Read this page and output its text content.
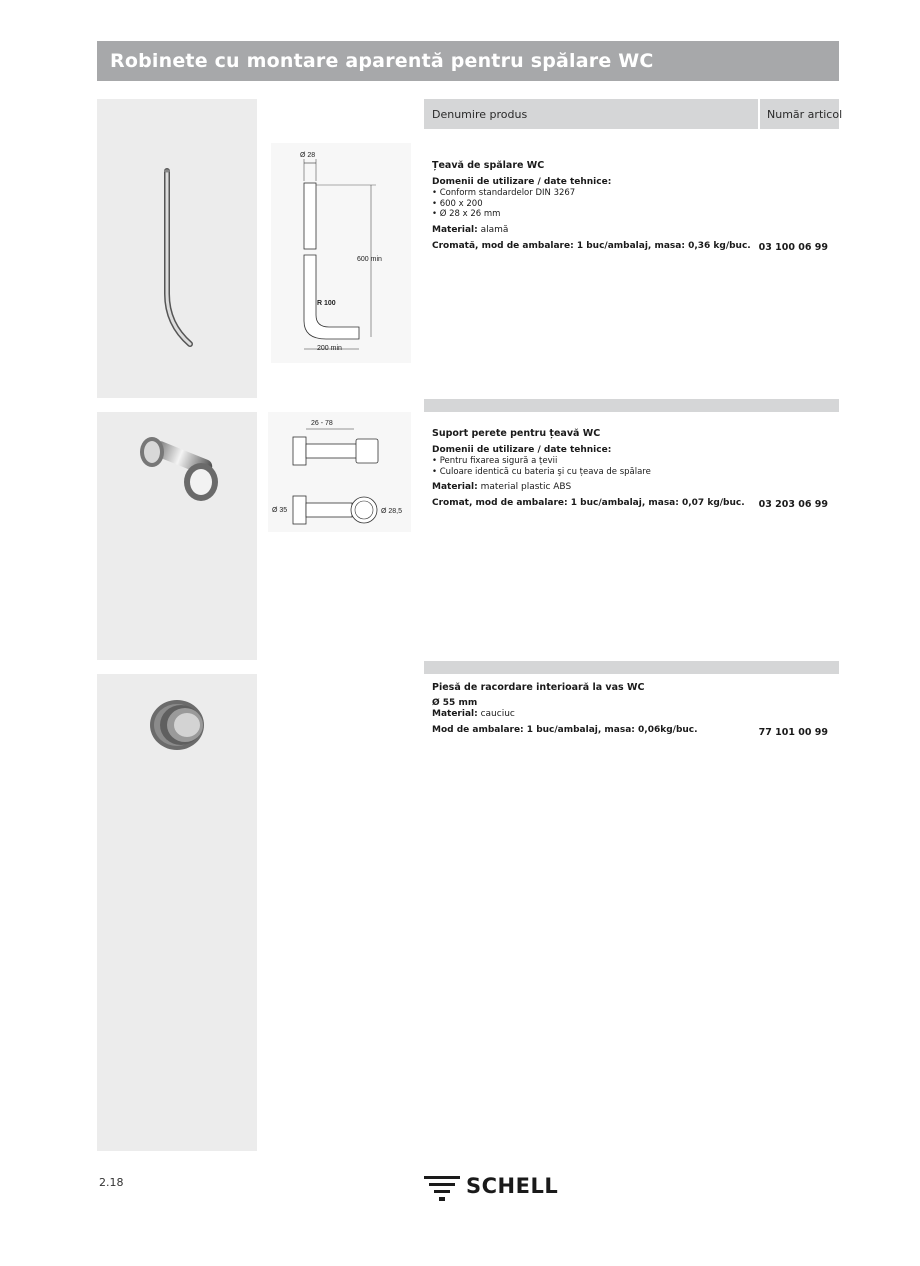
Robinete cu montare aparentă pentru spălare WC
Ø 28
600 min
R 100
200 min
26 - 78
Ø 35	Ø 28,5
Denumire produs	Număr articol
Țeavă de spălare WC
Domenii de utilizare / date tehnice:
• Conform standardelor DIN 3267
• 600 x 200
• Ø 28 x 26 mm
Material: alamă
Cromată, mod de ambalare: 1 buc/ambalaj, masa: 0,36 kg/buc. 03 100 06 99
Suport perete pentru țeavă WC
Domenii de utilizare / date tehnice:
• Pentru fixarea sigură a țevii
• Culoare identică cu bateria şi cu țeava de spălare
Material: material plastic ABS
Cromat, mod de ambalare: 1 buc/ambalaj, masa: 0,07 kg/buc.	03 203 06 99
Piesă de racordare interioară la vas WC
Ø 55 mm
Material: cauciuc
Mod de ambalare: 1 buc/ambalaj, masa: 0,06kg/buc.	77 101 00 99
2.18	SCHELL
